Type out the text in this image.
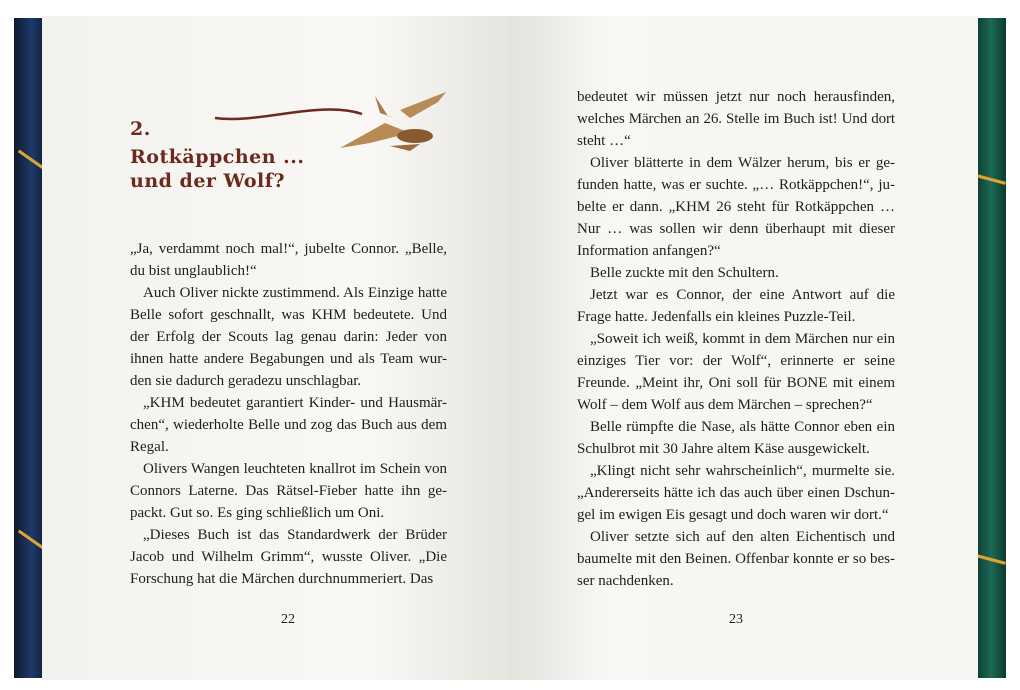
2.
Rotkäppchen ...
und der Wolf?
„Ja, verdammt noch mal!“, jubelte Connor. „Belle,
du bist unglaublich!“
Auch Oliver nickte zustimmend. Als Einzige hatte
Belle sofort geschnallt, was KHM bedeutete. Und
der Erfolg der Scouts lag genau darin: Jeder von
ihnen hatte andere Begabungen und als Team wur-
den sie dadurch geradezu unschlagbar.
„KHM bedeutet garantiert Kinder- und Hausmär-
chen“, wiederholte Belle und zog das Buch aus dem
Regal.
Olivers Wangen leuchteten knallrot im Schein von
Connors Laterne. Das Rätsel-Fieber hatte ihn ge-
packt. Gut so. Es ging schließlich um Oni.
„Dieses Buch ist das Standardwerk der Brüder
Jacob und Wilhelm Grimm“, wusste Oliver. „Die
Forschung hat die Märchen durchnummeriert. Das
bedeutet wir müssen jetzt nur noch herausfinden,
welches Märchen an 26. Stelle im Buch ist! Und dort
steht …“
Oliver blätterte in dem Wälzer herum, bis er ge-
funden hatte, was er suchte. „… Rotkäppchen!“, ju-
belte er dann. „KHM 26 steht für Rotkäppchen …
Nur … was sollen wir denn überhaupt mit dieser
Information anfangen?“
Belle zuckte mit den Schultern.
Jetzt war es Connor, der eine Antwort auf die
Frage hatte. Jedenfalls ein kleines Puzzle-Teil.
„Soweit ich weiß, kommt in dem Märchen nur ein
einziges Tier vor: der Wolf“, erinnerte er seine
Freunde. „Meint ihr, Oni soll für BONE mit einem
Wolf – dem Wolf aus dem Märchen – sprechen?“
Belle rümpfte die Nase, als hätte Connor eben ein
Schulbrot mit 30 Jahre altem Käse ausgewickelt.
„Klingt nicht sehr wahrscheinlich“, murmelte sie.
„Andererseits hätte ich das auch über einen Dschun-
gel im ewigen Eis gesagt und doch waren wir dort.“
Oliver setzte sich auf den alten Eichentisch und
baumelte mit den Beinen. Offenbar konnte er so bes-
ser nachdenken.
22	23
